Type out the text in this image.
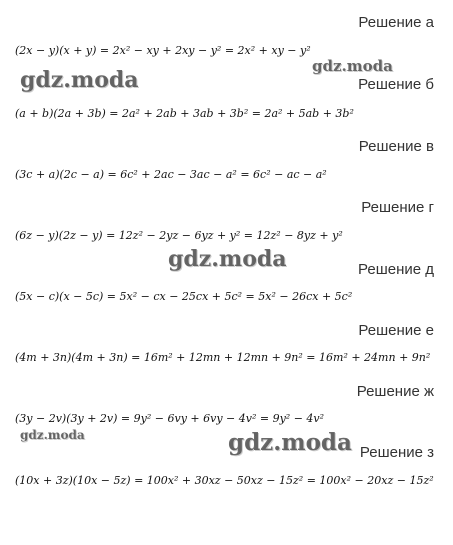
Решение а
Решение б
Решение в
Решение г
Решение д
Решение е
Решение ж
Решение з
(2x − y)(x + y) = 2x² − xy + 2xy − y² = 2x² + xy − y²
(a + b)(2a + 3b) = 2a² + 2ab + 3ab + 3b² = 2a² + 5ab + 3b²
(3c + a)(2c − a) = 6c² + 2ac − 3ac − a² = 6c² − ac − a²
(6z − y)(2z − y) = 12z² − 2yz − 6yz + y² = 12z² − 8yz + y²
(5x − c)(x − 5c) = 5x² − cx − 25cx + 5c² = 5x² − 26cx + 5c²
(4m + 3n)(4m + 3n) = 16m² + 12mn + 12mn + 9n² = 16m² + 24mn + 9n²
(3y − 2v)(3y + 2v) = 9y² − 6vy + 6vy − 4v² = 9y² − 4v²
(10x + 3z)(10x − 5z) = 100x² + 30xz − 50xz − 15z² = 100x² − 20xz − 15z²
gdz.moda
gdz.moda
gdz.moda
gdz.moda	gdz.moda
